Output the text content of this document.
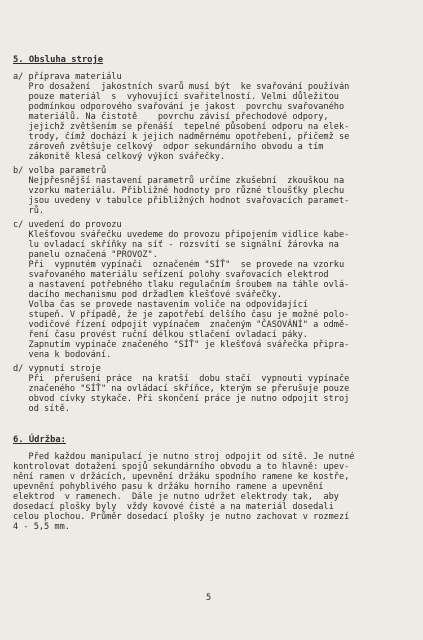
5. Obsluha stroje
a/ příprava materiálu
Pro dosažení  jakostních svarů musí být  ke svařování používán
pouze materiál  s  vyhovující svařitelností. Velmi důležitou
podmínkou odporového svařování je jakost  povrchu svařovaného
materiálů. Na čistotě    povrchu závisí přechodové odpory,
jejichž zvětšením se přenáší  tepelné působení odporu na elek-
trody, čímž dochází k jejich nadměrnému opotřebení, přičemž se
zároveň zvětšuje celkový  odpor sekundárního obvodu a tím
zákonitě klesá celkový výkon svářečky.
b/ volba parametrů
Nejpřesnější nastavení parametrů určíme zkušební  zkouškou na
vzorku materiálu. Přibližné hodnoty pro různé tloušťky plechu
jsou uvedeny v tabulce přibližných hodnot svařovacích paramet-
rů.
c/ uvedení do provozu
Klešťovou svářečku uvedeme do provozu připojením vidlice kabe-
lu ovladací skříňky na síť - rozsvítí se signální žárovka na
panelu označená "PROVOZ".
Při  vypnutém vypínači  označeném "SÍŤ"  se provede na vzorku
svařovaného materiálu seřízení polohy svařovacích elektrod
a nastavení potřebného tlaku regulačním šroubem na táhle ovlá-
dacího mechanismu pod držadlem klešťové svářečky.
Volba čas se provede nastavením voliče na odpovídající
stupeň. V případě, že je zapotřebí delšího času je možné polo-
vodičové řízení odpojit vypínačem  značeným "ČASOVÁNÍ" a odmě-
ření času provést ruční délkou stlačení ovladací páky.
Zapnutím vypínače značeného "SÍŤ" je klešťová svářečka připra-
vena k bodování.
d/ vypnutí stroje
Při  přerušení práce  na kratší  dobu stačí  vypnouti vypínače
značeného "SÍŤ" na ovládací skříňce, kterým se přerušuje pouze
obvod cívky stykače. Při skončení práce je nutno odpojit stroj
od sítě.
6. Údržba:
Před každou manipulací je nutno stroj odpojit od sítě. Je nutné
kontrolovat dotažení spojů sekundárního obvodu a to hlavně: upev-
nění ramen v držácích, upevnění držáku spodního ramene ke kostře,
upevnění pohyblivého pasu k držáku horního ramene a upevnění
elektrod  v ramenech.  Dále je nutno udržet elektrody tak,  aby
dosedací plošky byly  vždy kovové čisté a na materiál dosedali
celou plochou. Průměr dosedací plošky je nutno zachovat v rozmezí
4 - 5,5 mm.
5
